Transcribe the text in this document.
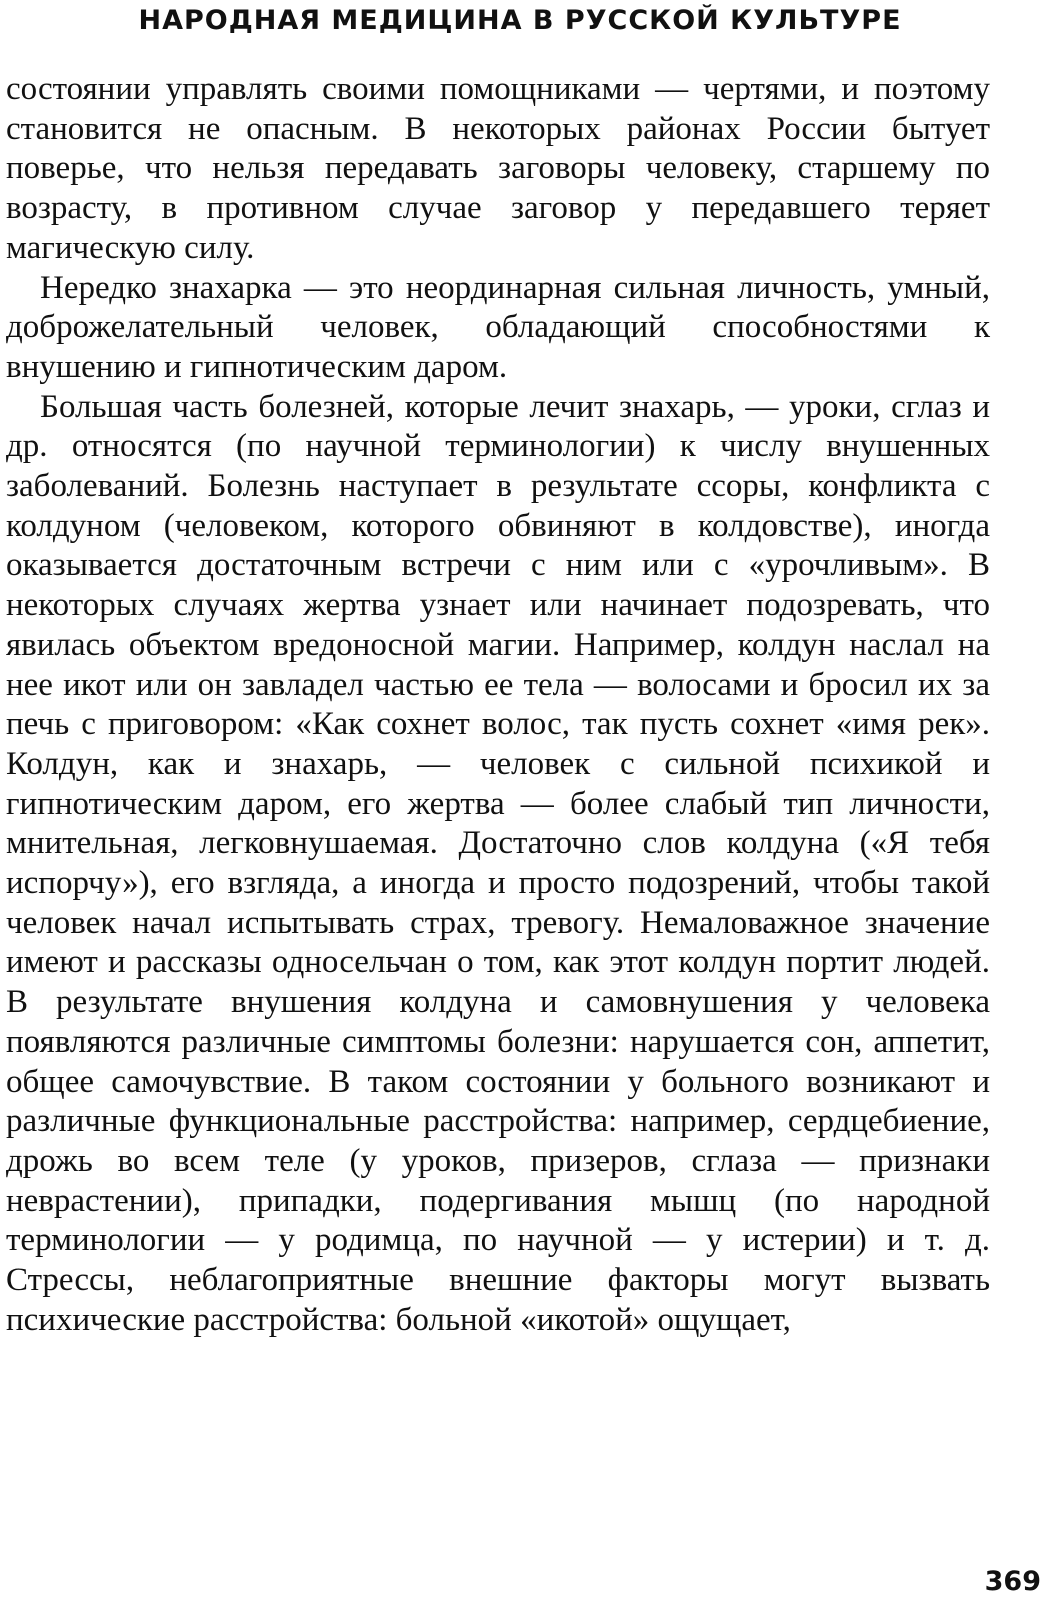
НАРОДНАЯ МЕДИЦИНА В РУССКОЙ КУЛЬТУРЕ

состоянии управлять своими помощниками — чертями, и поэтому становится не опасным. В некоторых районах России бытует поверье, что нельзя передавать заговоры человеку, старшему по возрасту, в противном случае заговор у передавшего теряет магическую силу.

Нередко знахарка — это неординарная сильная личность, умный, доброжелательный человек, обладающий способностями к внушению и гипнотическим даром.

Большая часть болезней, которые лечит знахарь, — уроки, сглаз и др. относятся (по научной терминологии) к числу внушенных заболеваний. Болезнь наступает в результате ссоры, конфликта с колдуном (человеком, которого обвиняют в колдовстве), иногда оказывается достаточным встречи с ним или с «урочливым». В некоторых случаях жертва узнает или начинает подозревать, что явилась объектом вредоносной магии. Например, колдун наслал на нее икот или он завладел частью ее тела — волосами и бросил их за печь с приговором: «Как сохнет волос, так пусть сохнет «имя рек». Колдун, как и знахарь, — человек с сильной психикой и гипнотическим даром, его жертва — более слабый тип личности, мнительная, легковнушаемая. Достаточно слов колдуна («Я тебя испорчу»), его взгляда, а иногда и просто подозрений, чтобы такой человек начал испытывать страх, тревогу. Немаловажное значение имеют и рассказы односельчан о том, как этот колдун портит людей. В результате внушения колдуна и самовнушения у человека появляются различные симптомы болезни: нарушается сон, аппетит, общее самочувствие. В таком состоянии у больного возникают и различные функциональные расстройства: например, сердцебиение, дрожь во всем теле (у уроков, призеров, сглаза — признаки неврастении), припадки, подергивания мышц (по народной терминологии — у родимца, по научной — у истерии) и т. д. Стрессы, неблагоприятные внешние факторы могут вызвать психические расстройства: больной «икотой» ощущает,

369
